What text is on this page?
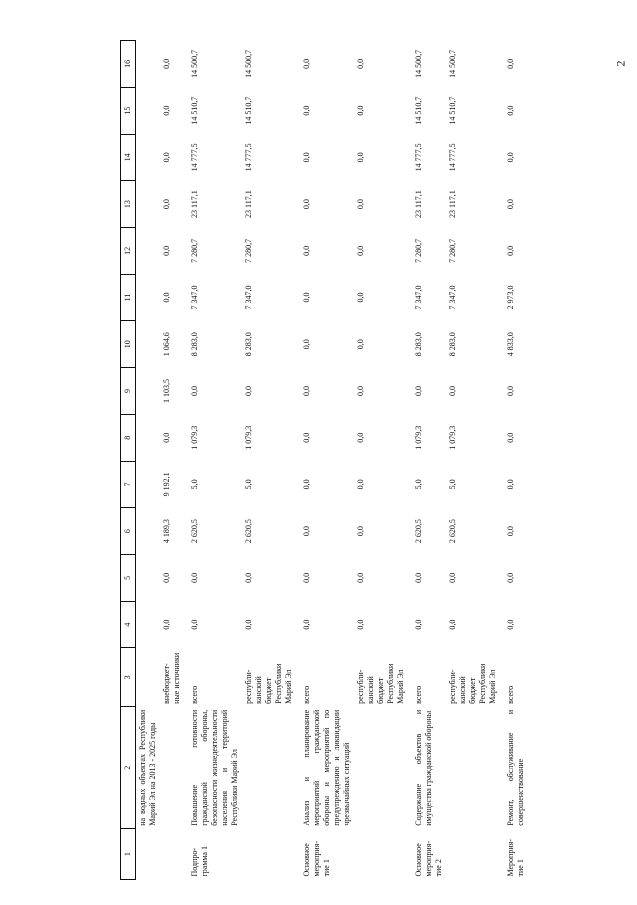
2
1	2	3	4	5	6	7	8	9	10	11	12	13	14	15	16
	на водных объектах Республики Марий Эл на 2013 - 2025 годы														
		внебюджет-ные источники	0,0	0,0	4 189,3	9 192,1	0,0	1 103,5	1 064,6	0,0	0,0	0,0	0,0	0,0	0,0

Подпро-грамма 1	Повышение готовности гражданской обороны, безопасности жизнедеятельности населения и территорий Республики Марий Эл	всего	0,0	0,0	2 620,5	5,0	1 079,3	0,0	8 283,0	7 347,0	7 280,7	23 117,1	14 777,5	14 510,7	14 500,7
		республи-канский бюджет Республики Марий Эл	0,0	0,0	2 620,5	5,0	1 079,3	0,0	8 283,0	7 347,0	7 280,7	23 117,1	14 777,5	14 510,7	14 500,7

Основное мероприя-тие 1	Анализ и планирование мероприятий гражданской обороны и мероприятий по предупреждению и ликвидации чрезвычайных ситуаций	всего	0,0	0,0	0,0	0,0	0,0	0,0	0,0	0,0	0,0	0,0	0,0	0,0	0,0
		республи-канский бюджет Республики Марий Эл	0,0	0,0	0,0	0,0	0,0	0,0	0,0	0,0	0,0	0,0	0,0	0,0	0,0

Основное мероприя-тие 2	Содержание объектов и имущества гражданской обороны	всего	0,0	0,0	2 620,5	5,0	1 079,3	0,0	8 283,0	7 347,0	7 280,7	23 117,1	14 777,5	14 510,7	14 500,7
		республи-канский бюджет Республики Марий Эл	0,0	0,0	2 620,5	5,0	1 079,3	0,0	8 283,0	7 347,0	7 280,7	23 117,1	14 777,5	14 510,7	14 500,7

Мероприя-тие 1	Ремонт, обслуживание и совершенствование	всего	0,0	0,0	0,0	0,0	0,0	0,0	4 833,0	2 973,0	0,0	0,0	0,0	0,0	0,0
